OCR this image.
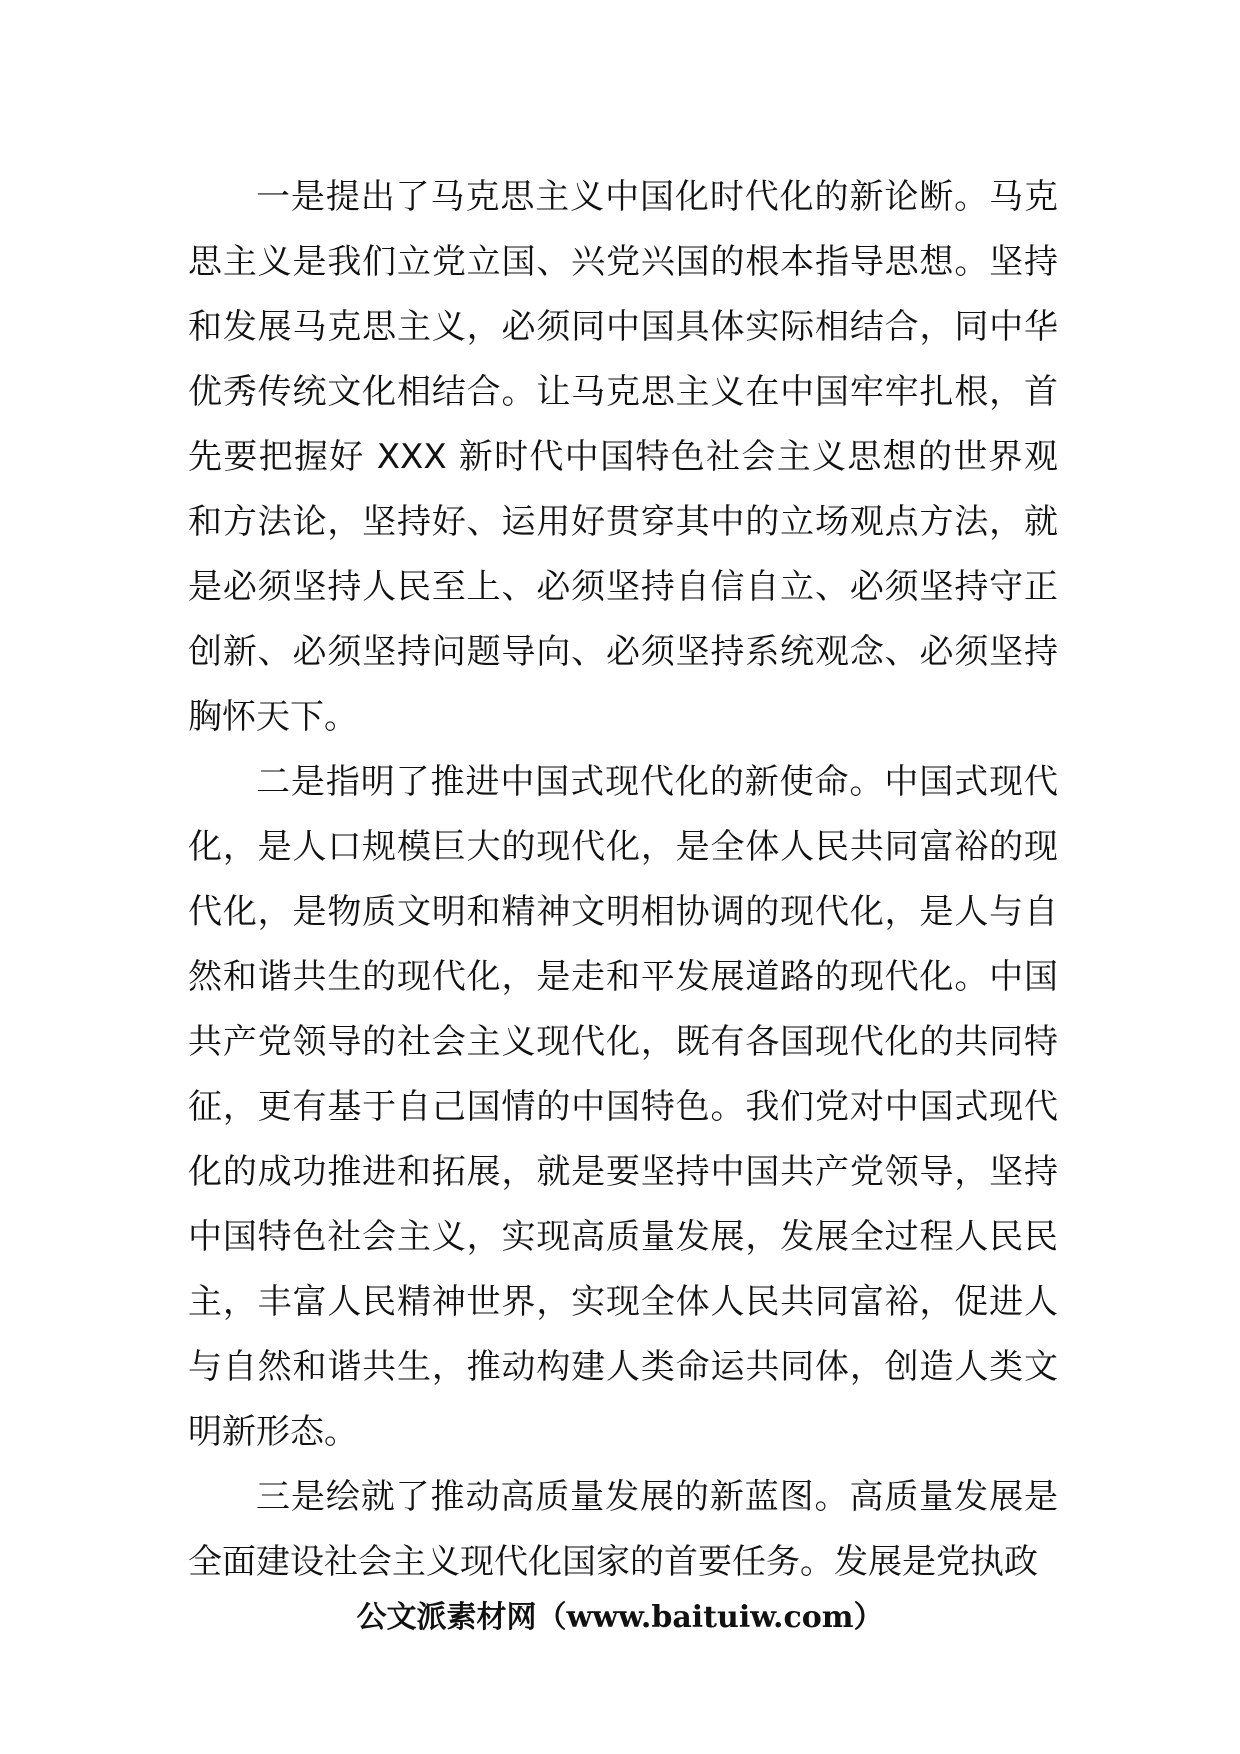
一是提出了马克思主义中国化时代化的新论断。马克思主义是我们立党立国、兴党兴国的根本指导思想。坚持和发展马克思主义，必须同中国具体实际相结合，同中华优秀传统文化相结合。让马克思主义在中国牢牢扎根，首先要把握好 XXX 新时代中国特色社会主义思想的世界观和方法论，坚持好、运用好贯穿其中的立场观点方法，就是必须坚持人民至上、必须坚持自信自立、必须坚持守正创新、必须坚持问题导向、必须坚持系统观念、必须坚持胸怀天下。

二是指明了推进中国式现代化的新使命。中国式现代化，是人口规模巨大的现代化，是全体人民共同富裕的现代化，是物质文明和精神文明相协调的现代化，是人与自然和谐共生的现代化，是走和平发展道路的现代化。中国共产党领导的社会主义现代化，既有各国现代化的共同特征，更有基于自己国情的中国特色。我们党对中国式现代化的成功推进和拓展，就是要坚持中国共产党领导，坚持中国特色社会主义，实现高质量发展，发展全过程人民民主，丰富人民精神世界，实现全体人民共同富裕，促进人与自然和谐共生，推动构建人类命运共同体，创造人类文明新形态。

三是绘就了推动高质量发展的新蓝图。高质量发展是全面建设社会主义现代化国家的首要任务。发展是党执政

公文派素材网（www.baituiw.com）
